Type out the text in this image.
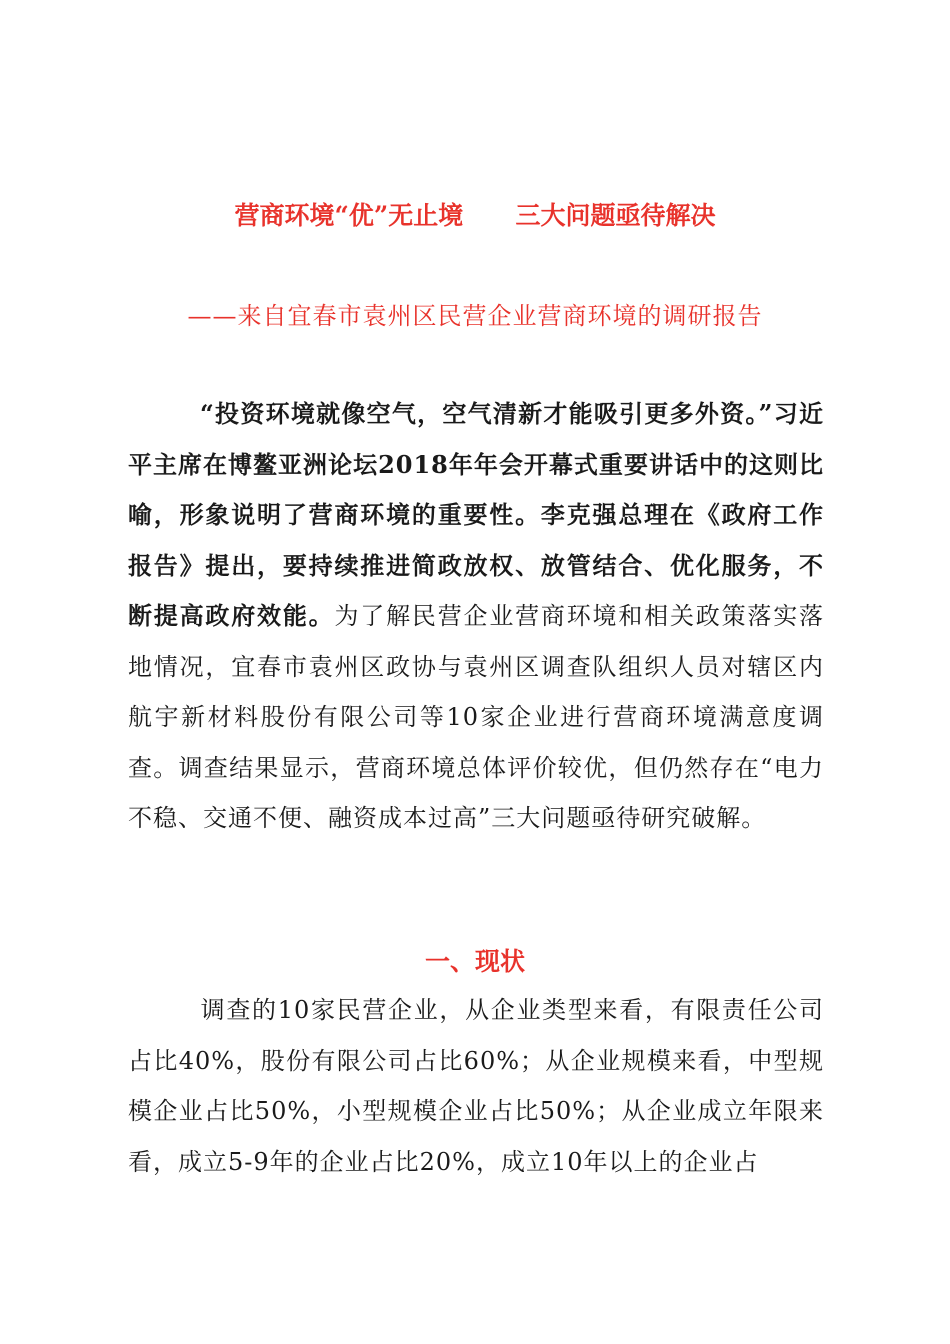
营商环境“优”无止境      三大问题亟待解决
——来自宜春市袁州区民营企业营商环境的调研报告
“投资环境就像空气，空气清新才能吸引更多外资。”习近平主席在博鳌亚洲论坛2018年年会开幕式重要讲话中的这则比喻，形象说明了营商环境的重要性。李克强总理在《政府工作报告》提出，要持续推进简政放权、放管结合、优化服务，不断提高政府效能。为了解民营企业营商环境和相关政策落实落地情况，宜春市袁州区政协与袁州区调查队组织人员对辖区内航宇新材料股份有限公司等10家企业进行营商环境满意度调查。调查结果显示，营商环境总体评价较优，但仍然存在“电力不稳、交通不便、融资成本过高”三大问题亟待研究破解。
一、现状
调查的10家民营企业，从企业类型来看，有限责任公司占比40%，股份有限公司占比60%；从企业规模来看，中型规模企业占比50%，小型规模企业占比50%；从企业成立年限来看，成立5-9年的企业占比20%，成立10年以上的企业占
